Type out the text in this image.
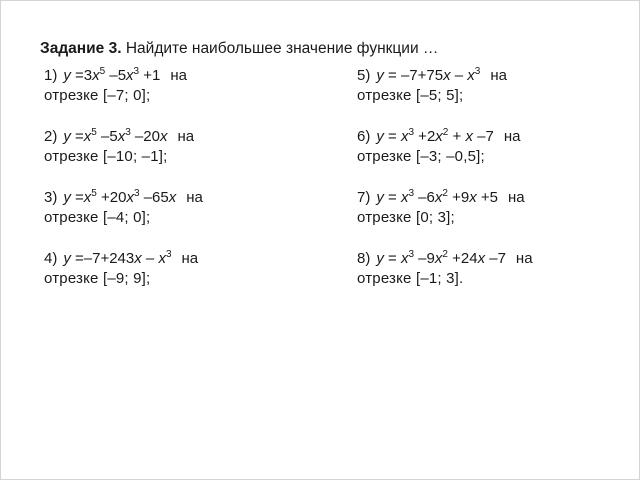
Задание 3. Найдите наибольшее значение функции …
1) $y =3x^5$ $-5x^3 +1$ на
отрезке [–7; 0];
2) $y =x^5$ $-5x^3$ –20x на
отрезке [–10; –1];
3) $y =x^5 +20x^3$ –65x на
отрезке [–4; 0];
4) $y =-7+243x - x^3$ на
отрезке [–9; 9];
5) $y = -7+75x - x^3$ на
отрезке [–5; 5];
6) $y = x^3 +2x^2 + x$ –7 на
отрезке [–3; –0,5];
7) $y = x^3$ $-6x^2 +9x +5$ на
отрезке [0; 3];
8) $y = x^3$ $-9x^2 +24x$ –7 на
отрезке [–1; 3].
